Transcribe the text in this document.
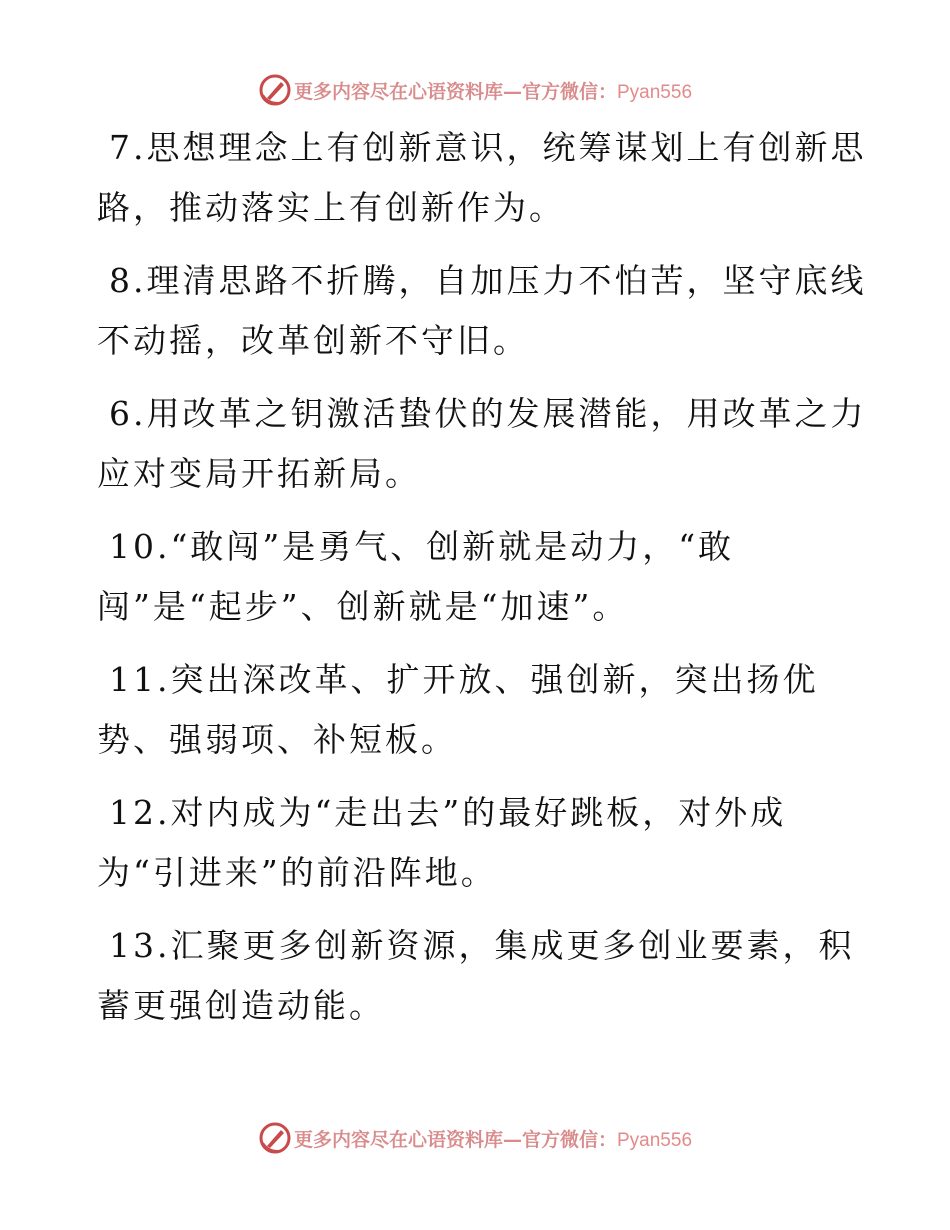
更多内容尽在心语资料库—官方微信：Pyan556

7.思想理念上有创新意识，统筹谋划上有创新思路，推动落实上有创新作为。

8.理清思路不折腾，自加压力不怕苦，坚守底线不动摇，改革创新不守旧。

6.用改革之钥激活蛰伏的发展潜能，用改革之力应对变局开拓新局。

10.“敢闯”是勇气、创新就是动力，“敢闯”是“起步”、创新就是“加速”。

11.突出深改革、扩开放、强创新，突出扬优势、强弱项、补短板。

12.对内成为“走出去”的最好跳板，对外成为“引进来”的前沿阵地。

13.汇聚更多创新资源，集成更多创业要素，积蓄更强创造动能。

更多内容尽在心语资料库—官方微信：Pyan556
